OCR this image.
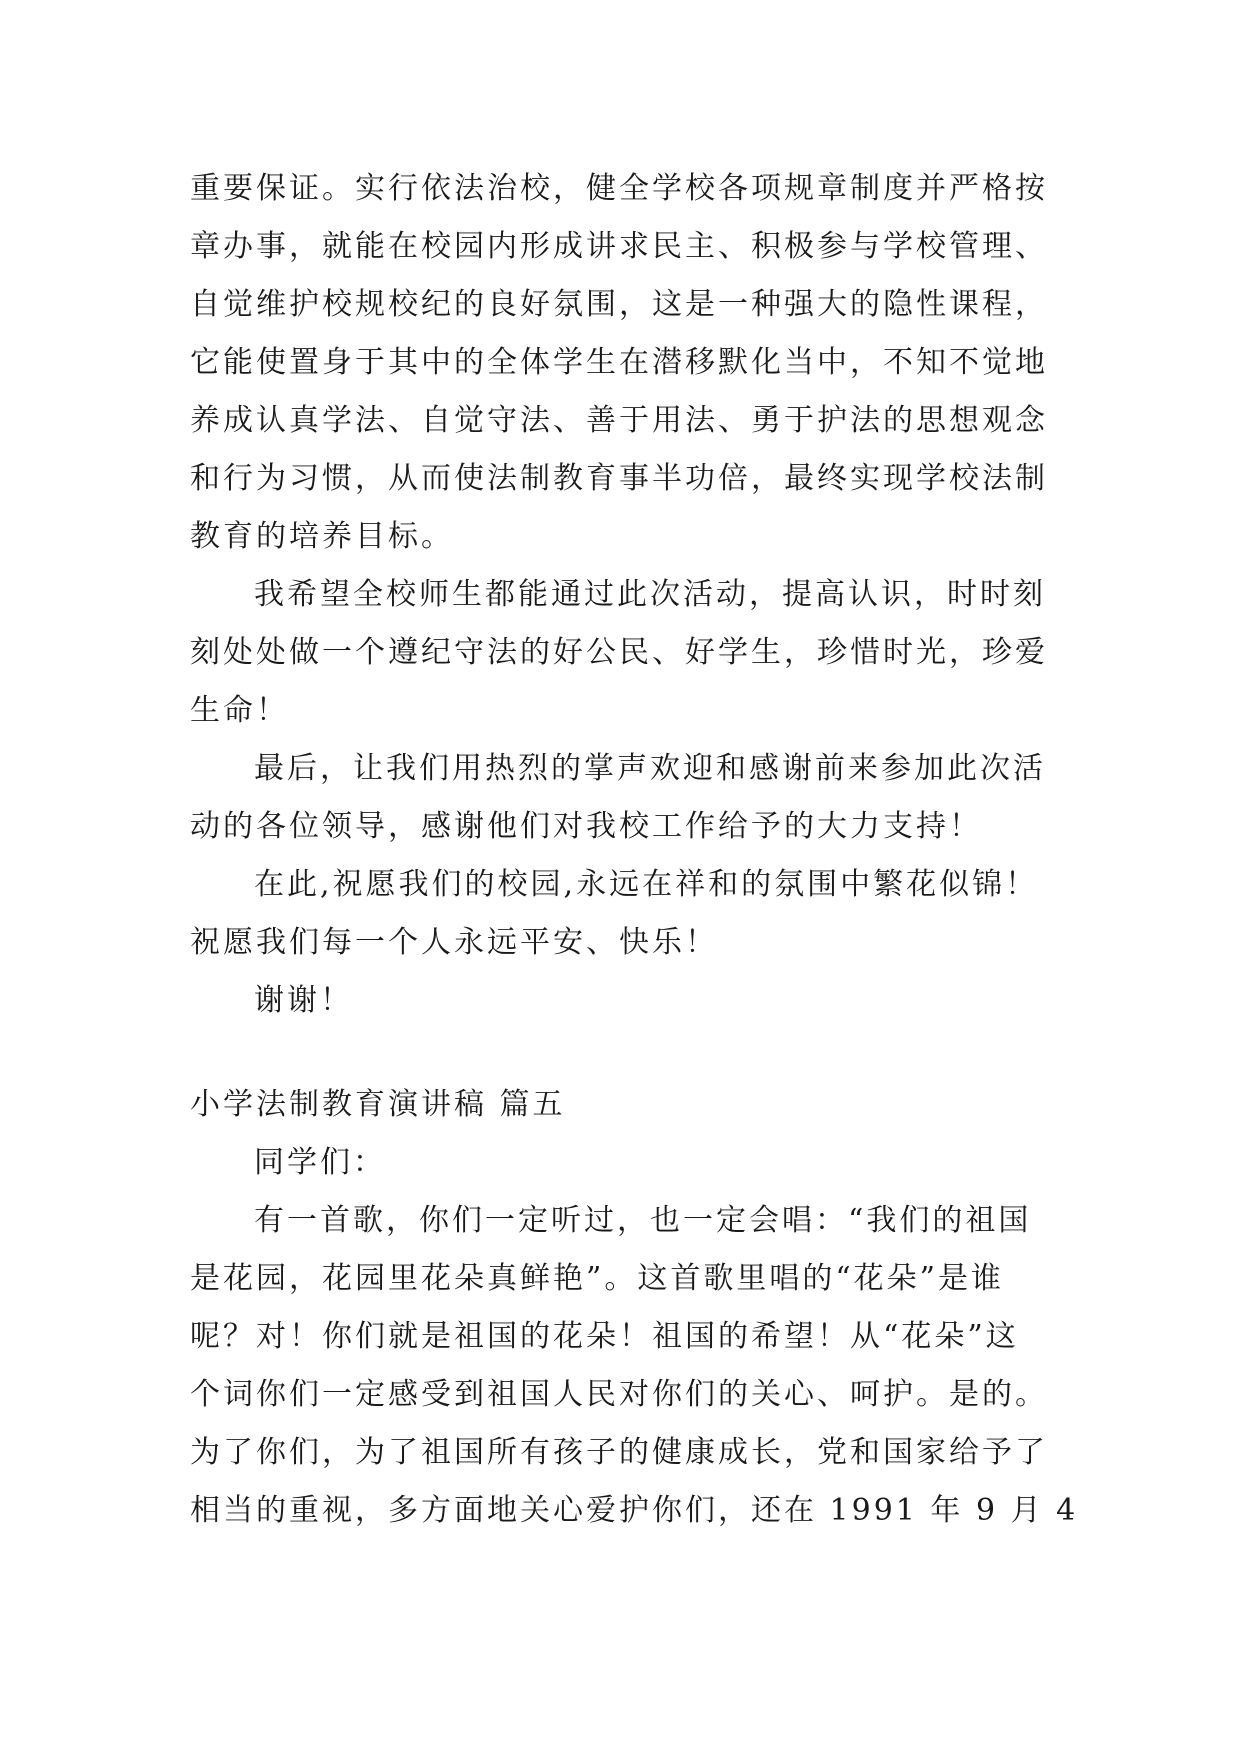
重要保证。实行依法治校，健全学校各项规章制度并严格按
章办事，就能在校园内形成讲求民主、积极参与学校管理、
自觉维护校规校纪的良好氛围，这是一种强大的隐性课程，
它能使置身于其中的全体学生在潜移默化当中，不知不觉地
养成认真学法、自觉守法、善于用法、勇于护法的思想观念
和行为习惯，从而使法制教育事半功倍，最终实现学校法制
教育的培养目标。
我希望全校师生都能通过此次活动，提高认识，时时刻
刻处处做一个遵纪守法的好公民、好学生，珍惜时光，珍爱
生命！
最后，让我们用热烈的掌声欢迎和感谢前来参加此次活
动的各位领导，感谢他们对我校工作给予的大力支持！
在此,祝愿我们的校园,永远在祥和的氛围中繁花似锦！
祝愿我们每一个人永远平安、快乐！
谢谢！
小学法制教育演讲稿 篇五
同学们：
有一首歌，你们一定听过，也一定会唱：“我们的祖国
是花园，花园里花朵真鲜艳”。这首歌里唱的“花朵”是谁
呢？对！你们就是祖国的花朵！祖国的希望！从“花朵”这
个词你们一定感受到祖国人民对你们的关心、呵护。是的。
为了你们，为了祖国所有孩子的健康成长，党和国家给予了
相当的重视，多方面地关心爱护你们，还在 1991 年 9 月 4
